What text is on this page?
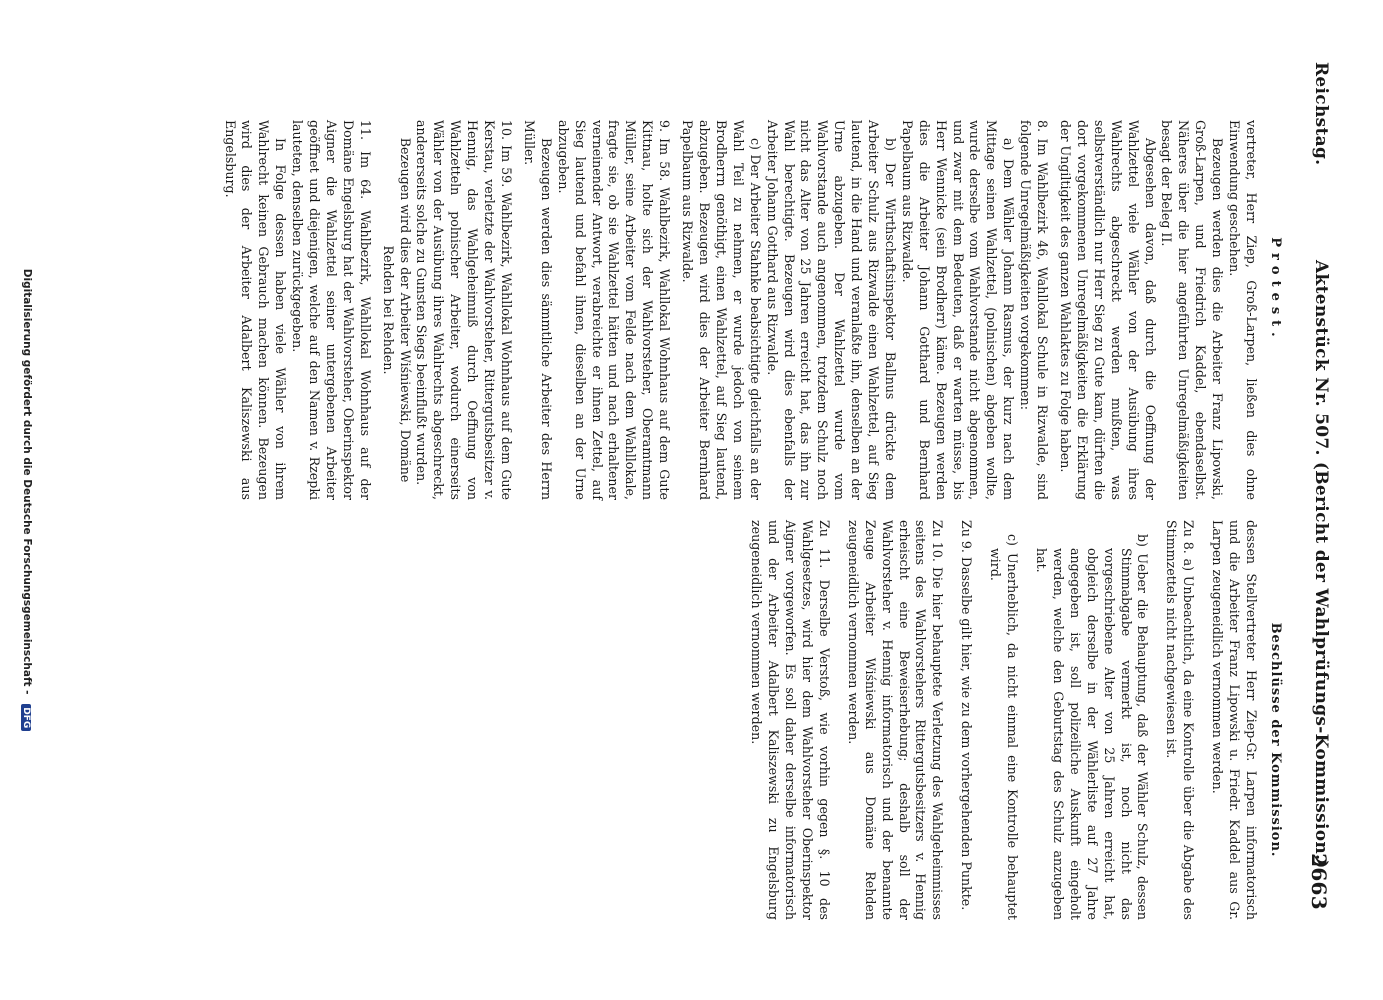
Reichstag.
Aktenstück Nr. 507. (Bericht der Wahlprüfungs-Kommission.)
2663
Protest.
Beschlüsse der Kommission.

vertreter, Herr Ziep, Groß-Larpen, ließen dies ohne Einwendung geschehen.

Bezeugen werden dies die Arbeiter Franz Lipowski, Groß-Larpen, und Friedrich Kaddel, ebendaselbst. Näheres über die hier angeführten Unregelmäßigkeiten besagt der Beleg II.

Abgesehen davon, daß durch die Oeffnung der Wahlzettel viele Wähler von der Ausübung ihres Wahlrechts abgeschreckt werden mußten, was selbstverständlich nur Herr Sieg zu Gute kam, dürften die dort vorgekommenen Unregelmäßigkeiten die Erklärung der Ungiltigkeit des ganzen Wahlaktes zu Folge haben.

8. Im Wahlbezirk 46, Wahllokal Schule in Rizwalde, sind folgende Unregelmäßigkeiten vorgekommen:

a) Dem Wähler Johann Rasmus, der kurz nach dem Mittage seinen Wahlzettel, (polnischen) abgeben wollte, wurde derselbe vom Wahlvorstande nicht abgenommen, und zwar mit dem Bedeuten, daß er warten müsse, bis Herr Wennicke (sein Brodherr) käme. Bezeugen werden dies die Arbeiter Johann Gotthard und Bernhard Papelbaum aus Rizwalde.

b) Der Wirthschaftsinspektor Ballnus drückte dem Arbeiter Schulz aus Rizwalde einen Wahlzettel, auf Sieg lautend, in die Hand und veranlaßte ihn, denselben an der Urne abzugeben. Der Wahlzettel wurde vom Wahlvorstande auch angenommen, trotzdem Schulz noch nicht das Alter von 25 Jahren erreicht hat, das ihn zur Wahl berechtigte. Bezeugen wird dies ebenfalls der Arbeiter Johann Gotthard aus Rizwalde.

c) Der Arbeiter Stahnke beabsichtigte gleichfalls an der Wahl Teil zu nehmen, er wurde jedoch von seinem Brodherrn genöthigt, einen Wahlzettel, auf Sieg lautend, abzugeben. Bezeugen wird dies der Arbeiter Bernhard Papelbaum aus Rizwalde.

9. Im 58. Wahlbezirk, Wahllokal Wohnhaus auf dem Gute Kittnau, holte sich der Wahlvorsteher, Oberamtmann Müller, seine Arbeiter vom Felde nach dem Wahllokale, fragte sie, ob sie Wahlzettel hätten und nach erhaltener verneinender Antwort, verabreichte er ihnen Zettel, auf Sieg lautend und befahl ihnen, dieselben an der Urne abzugeben.

Bezeugen werden dies sämmtliche Arbeiter des Herrn Müller.

10. Im 59. Wahlbezirk, Wahllokal Wohnhaus auf dem Gute Kerstau, verletzte der Wahlvorsteher, Rittergutsbesitzer v. Hennig, das Wahlgeheimniß durch Oeffnung von Wahlzetteln polnischer Arbeiter, wodurch einerseits Wähler von der Ausübung ihres Wahlrechts abgeschreckt, andererseits solche zu Gunsten Siegs beeinflußt wurden.

Bezeugen wird dies der Arbeiter Wiśniewski, Domäne Rehden bei Rehden.

11. Im 64. Wahlbezirk, Wahllokal Wohnhaus auf der Domäne Engelsburg hat der Wahlvorsteher, Oberinspektor Aigner die Wahlzettel seiner untergebenen Arbeiter geöffnet und diejenigen, welche auf den Namen v. Rzepki lauteten, denselben zurückgegeben.

In Folge dessen haben viele Wähler von ihrem Wahlrecht keinen Gebrauch machen können. Bezeugen wird dies der Arbeiter Adalbert Kaliszewski aus Engelsburg.

dessen Stellvertreter Herr Ziep-Gr. Larpen informatorisch und die Arbeiter Franz Lipowski u. Friedr. Kaddel aus Gr. Larpen zeugeneidlich vernommen werden.

Zu 8. a) Unbeachtlich, da eine Kontrolle über die Abgabe des Stimmzettels nicht nachgewiesen ist.

b) Ueber die Behauptung, daß der Wähler Schulz, dessen Stimmabgabe vermerkt ist, noch nicht das vorgeschriebene Alter von 25 Jahren erreicht hat, obgleich derselbe in der Wählerliste auf 27 Jahre angegeben ist, soll polizeiliche Auskunft eingeholt werden, welche den Geburtstag des Schulz anzugeben hat.

c) Unerheblich, da nicht einmal eine Kontrolle behauptet wird.

Zu 9. Dasselbe gilt hier, wie zu dem vorhergehenden Punkte.

Zu 10. Die hier behauptete Verletzung des Wahlgeheimnisses seitens des Wahlvorstehers Rittergutsbesitzers v. Hennig erheischt eine Beweiserhebung; deshalb soll der Wahlvorsteher v. Hennig informatorisch und der benannte Zeuge Arbeiter Wiśniewski aus Domäne Rehden zeugeneidlich vernommen werden.

Zu 11. Derselbe Verstoß, wie vorhin gegen §. 10 des Wahlgesetzes, wird hier dem Wahlvorsteher Oberinspektor Aigner vorgeworfen. Es soll daher derselbe informatorisch und der Arbeiter Adalbert Kaliszewski zu Engelsburg zeugeneidlich vernommen werden.

Digitalisierung gefördert durch die Deutsche Forschungsgemeinschaft - DFG
